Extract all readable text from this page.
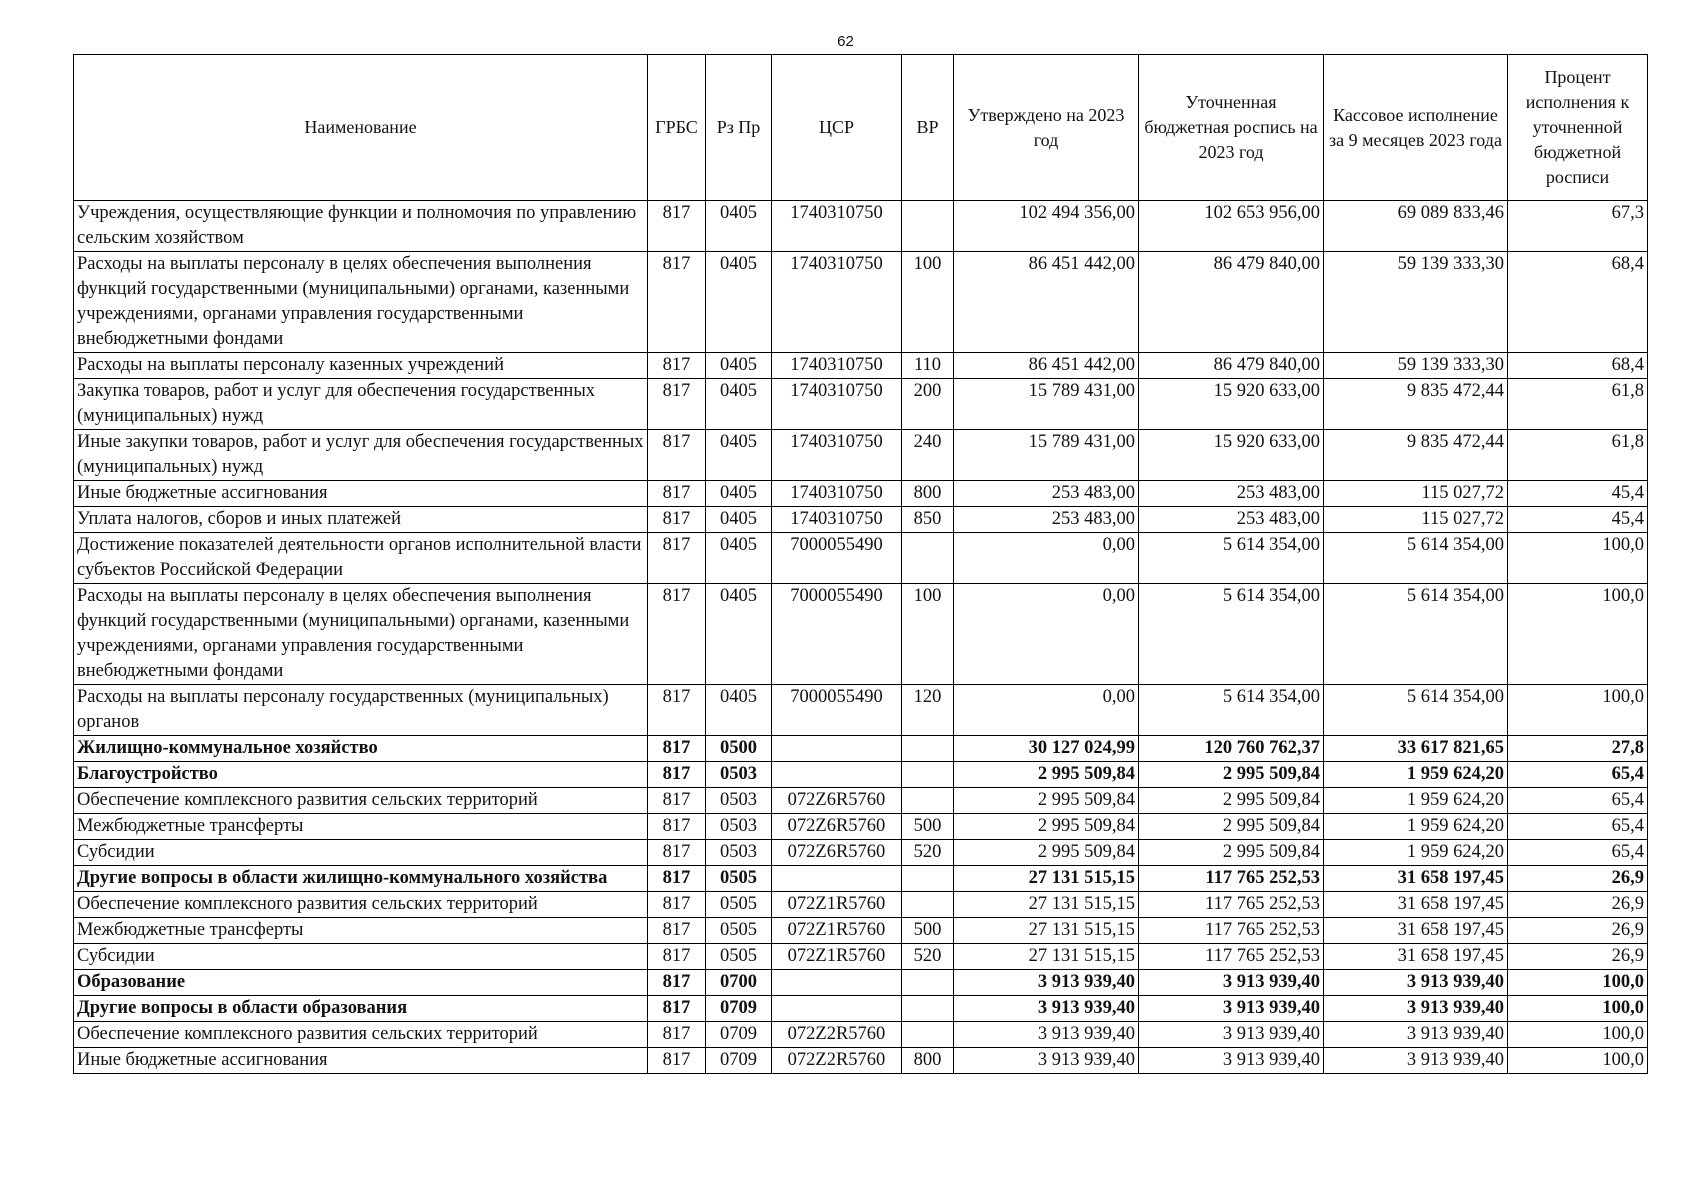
62
Наименование	ГРБС	Рз Пр	ЦСР	ВР	Утверждено на 2023 год	Уточненная бюджетная роспись на 2023 год	Кассовое исполнение за 9 месяцев 2023 года	Процент исполнения к уточненной бюджетной росписи
Учреждения, осуществляющие функции и полномочия по управлению сельским хозяйством	817	0405	1740310750		102 494 356,00	102 653 956,00	69 089 833,46	67,3
Расходы на выплаты персоналу в целях обеспечения выполнения функций государственными (муниципальными) органами, казенными учреждениями, органами управления государственными внебюджетными фондами	817	0405	1740310750	100	86 451 442,00	86 479 840,00	59 139 333,30	68,4
Расходы на выплаты персоналу казенных учреждений	817	0405	1740310750	110	86 451 442,00	86 479 840,00	59 139 333,30	68,4
Закупка товаров, работ и услуг для обеспечения государственных (муниципальных) нужд	817	0405	1740310750	200	15 789 431,00	15 920 633,00	9 835 472,44	61,8
Иные закупки товаров, работ и услуг для обеспечения государственных (муниципальных) нужд	817	0405	1740310750	240	15 789 431,00	15 920 633,00	9 835 472,44	61,8
Иные бюджетные ассигнования	817	0405	1740310750	800	253 483,00	253 483,00	115 027,72	45,4
Уплата налогов, сборов и иных платежей	817	0405	1740310750	850	253 483,00	253 483,00	115 027,72	45,4
Достижение показателей деятельности органов исполнительной власти субъектов Российской Федерации	817	0405	7000055490		0,00	5 614 354,00	5 614 354,00	100,0
Расходы на выплаты персоналу в целях обеспечения выполнения функций государственными (муниципальными) органами, казенными учреждениями, органами управления государственными внебюджетными фондами	817	0405	7000055490	100	0,00	5 614 354,00	5 614 354,00	100,0
Расходы на выплаты персоналу государственных (муниципальных) органов	817	0405	7000055490	120	0,00	5 614 354,00	5 614 354,00	100,0
Жилищно-коммунальное хозяйство	817	0500			30 127 024,99	120 760 762,37	33 617 821,65	27,8
Благоустройство	817	0503			2 995 509,84	2 995 509,84	1 959 624,20	65,4
Обеспечение комплексного развития сельских территорий	817	0503	072Z6R5760		2 995 509,84	2 995 509,84	1 959 624,20	65,4
Межбюджетные трансферты	817	0503	072Z6R5760	500	2 995 509,84	2 995 509,84	1 959 624,20	65,4
Субсидии	817	0503	072Z6R5760	520	2 995 509,84	2 995 509,84	1 959 624,20	65,4
Другие вопросы в области жилищно-коммунального хозяйства	817	0505			27 131 515,15	117 765 252,53	31 658 197,45	26,9
Обеспечение комплексного развития сельских территорий	817	0505	072Z1R5760		27 131 515,15	117 765 252,53	31 658 197,45	26,9
Межбюджетные трансферты	817	0505	072Z1R5760	500	27 131 515,15	117 765 252,53	31 658 197,45	26,9
Субсидии	817	0505	072Z1R5760	520	27 131 515,15	117 765 252,53	31 658 197,45	26,9
Образование	817	0700			3 913 939,40	3 913 939,40	3 913 939,40	100,0
Другие вопросы в области образования	817	0709			3 913 939,40	3 913 939,40	3 913 939,40	100,0
Обеспечение комплексного развития сельских территорий	817	0709	072Z2R5760		3 913 939,40	3 913 939,40	3 913 939,40	100,0
Иные бюджетные ассигнования	817	0709	072Z2R5760	800	3 913 939,40	3 913 939,40	3 913 939,40	100,0
